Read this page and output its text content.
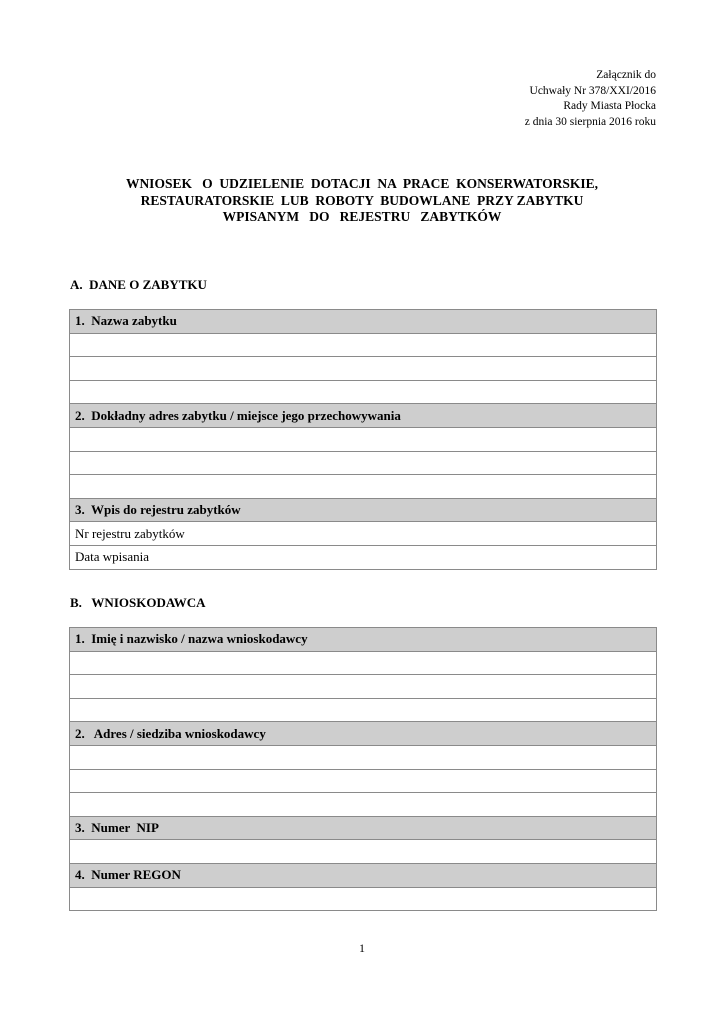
Załącznik do
Uchwały Nr 378/XXI/2016
Rady Miasta Płocka
z dnia 30 sierpnia 2016 roku
WNIOSEK   O  UDZIELENIE  DOTACJI  NA  PRACE  KONSERWATORSKIE,
RESTAURATORSKIE  LUB  ROBOTY  BUDOWLANE  PRZY ZABYTKU
WPISANYM   DO   REJESTRU   ZABYTKÓW
A.  DANE O ZABYTKU
1.  Nazwa zabytku

2.  Dokładny adres zabytku / miejsce jego przechowywania

3.  Wpis do rejestru zabytków
Nr rejestru zabytków
Data wpisania
B.   WNIOSKODAWCA
1.  Imię i nazwisko / nazwa wnioskodawcy

2.   Adres / siedziba wnioskodawcy

3.  Numer  NIP

4.  Numer REGON

1
